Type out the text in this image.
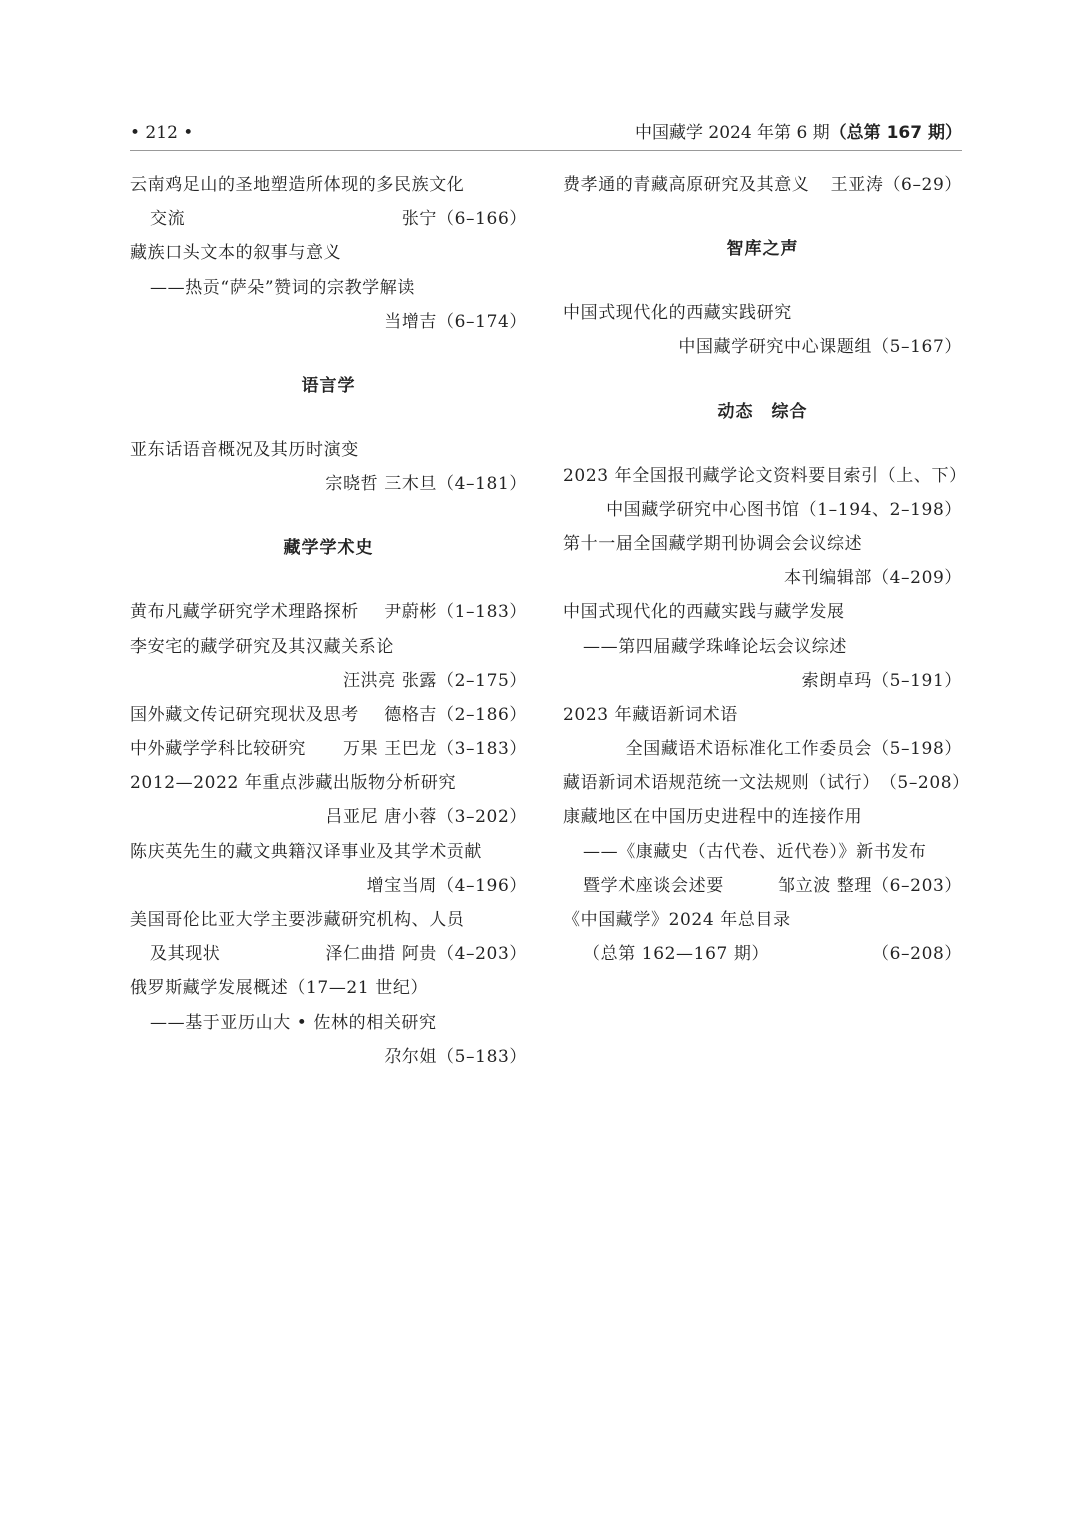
• 212 •	中国藏学 2024 年第 6 期（总第 167 期）
云南鸡足山的圣地塑造所体现的多民族文化
交流	张宁（6–166）
藏族口头文本的叙事与意义
——热贡“萨朵”赞词的宗教学解读
当增吉（6–174）
语言学
亚东话语音概况及其历时演变
宗晓哲 三木旦（4–181）
藏学学术史
黄布凡藏学研究学术理路探析 尹蔚彬（1–183）
李安宅的藏学研究及其汉藏关系论
汪洪亮 张露（2–175）
国外藏文传记研究现状及思考 德格吉（2–186）
中外藏学学科比较研究 万果 王巴龙（3–183）
2012—2022 年重点涉藏出版物分析研究
吕亚尼 唐小蓉（3–202）
陈庆英先生的藏文典籍汉译事业及其学术贡献
增宝当周（4–196）
美国哥伦比亚大学主要涉藏研究机构、人员
及其现状	泽仁曲措 阿贵（4–203）
俄罗斯藏学发展概述（17—21 世纪）
——基于亚历山大 • 佐林的相关研究
尕尔姐（5–183）
费孝通的青藏高原研究及其意义 王亚涛（6–29）
智库之声
中国式现代化的西藏实践研究
中国藏学研究中心课题组（5–167）
动态　综合
2023 年全国报刊藏学论文资料要目索引（上、下）
中国藏学研究中心图书馆（1–194、2–198）
第十一届全国藏学期刊协调会会议综述
本刊编辑部（4–209）
中国式现代化的西藏实践与藏学发展
——第四届藏学珠峰论坛会议综述
索朗卓玛（5–191）
2023 年藏语新词术语
全国藏语术语标准化工作委员会（5–198）
藏语新词术语规范统一文法规则（试行） （5–208）
康藏地区在中国历史进程中的连接作用
——《康藏史（古代卷、近代卷）》新书发布
暨学术座谈会述要	邹立波 整理（6–203）
《中国藏学》2024 年总目录
（总第 162—167 期）	（6–208）
